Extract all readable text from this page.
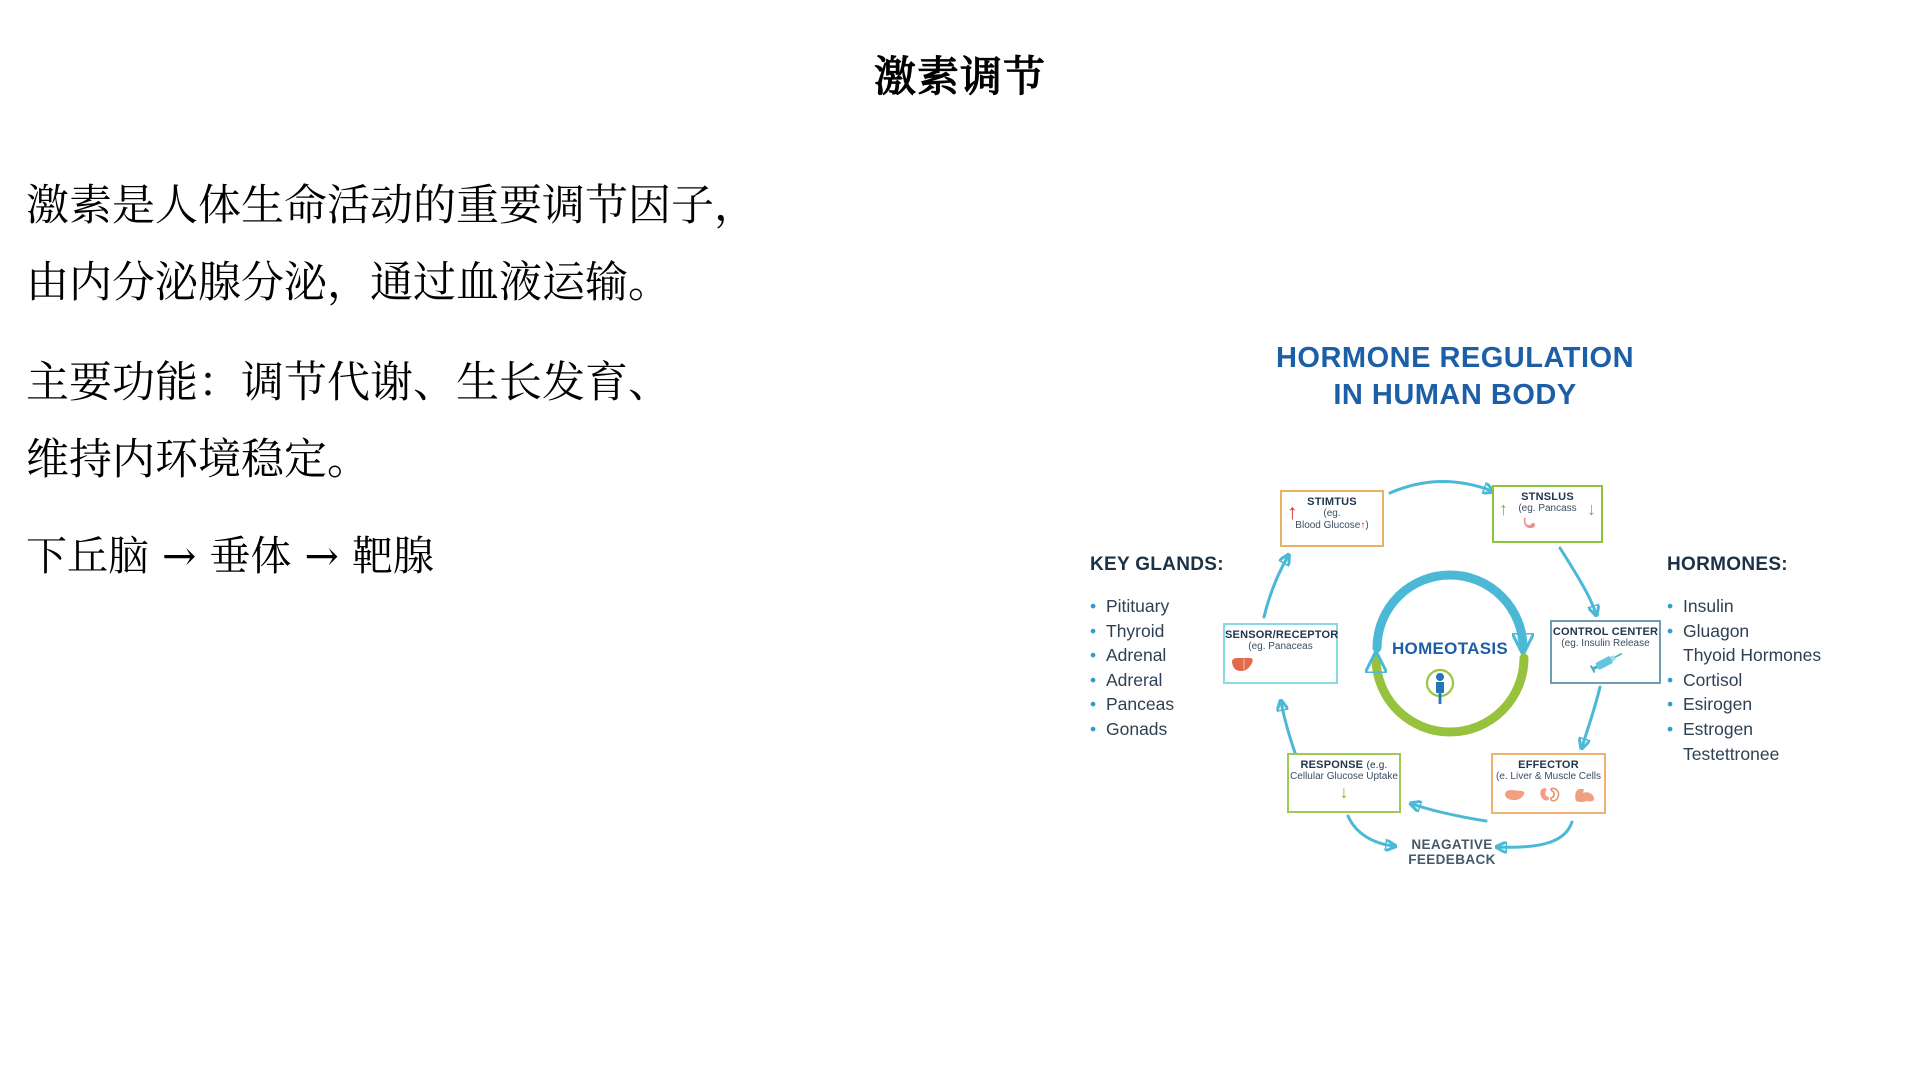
激素调节
激素是人体生命活动的重要调节因子，
由内分泌腺分泌，通过血液运输。
主要功能：调节代谢、生长发育、
维持内环境稳定。
下丘脑 → 垂体 → 靶腺
HORMONE REGULATION
IN HUMAN BODY
KEY GLANDS:
• Pitituary
• Thyroid
• Adrenal
• Adreral
• Panceas
• Gonads
HORMONES:
• Insulin
• Gluagon
Thyoid Hormones
• Cortisol
• Esirogen
• Estrogen
Testettronee
↑ STIMTUS
(eg.
Blood Glucose↑)
↑	↓
STNSLUS
(eg. Pancass
SENSOR/RECEPTOR
(eg. Panaceas
CONTROL CENTER
(eg. Insulin Release
HOMEOTASIS
RESPONSE (e.g.
Cellular Glucose Uptake
↓
EFFECTOR
(e. Liver & Muscle Cells
NEAGATIVE
FEEDEBACK
